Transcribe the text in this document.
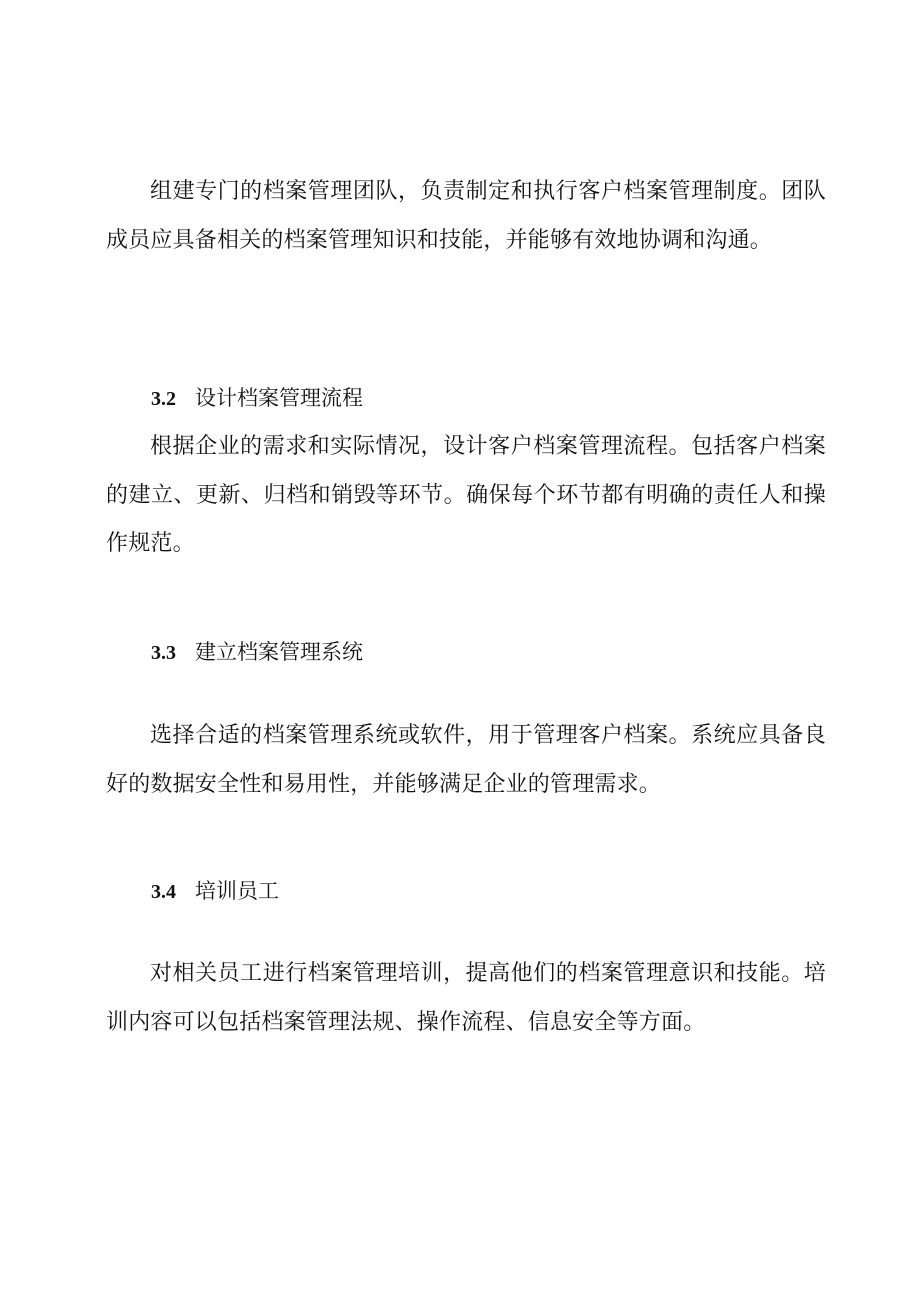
组建专门的档案管理团队，负责制定和执行客户档案管理制度。团队成员应具备相关的档案管理知识和技能，并能够有效地协调和沟通。

3.2 设计档案管理流程

根据企业的需求和实际情况，设计客户档案管理流程。包括客户档案的建立、更新、归档和销毁等环节。确保每个环节都有明确的责任人和操作规范。

3.3 建立档案管理系统

选择合适的档案管理系统或软件，用于管理客户档案。系统应具备良好的数据安全性和易用性，并能够满足企业的管理需求。

3.4 培训员工

对相关员工进行档案管理培训，提高他们的档案管理意识和技能。培训内容可以包括档案管理法规、操作流程、信息安全等方面。
